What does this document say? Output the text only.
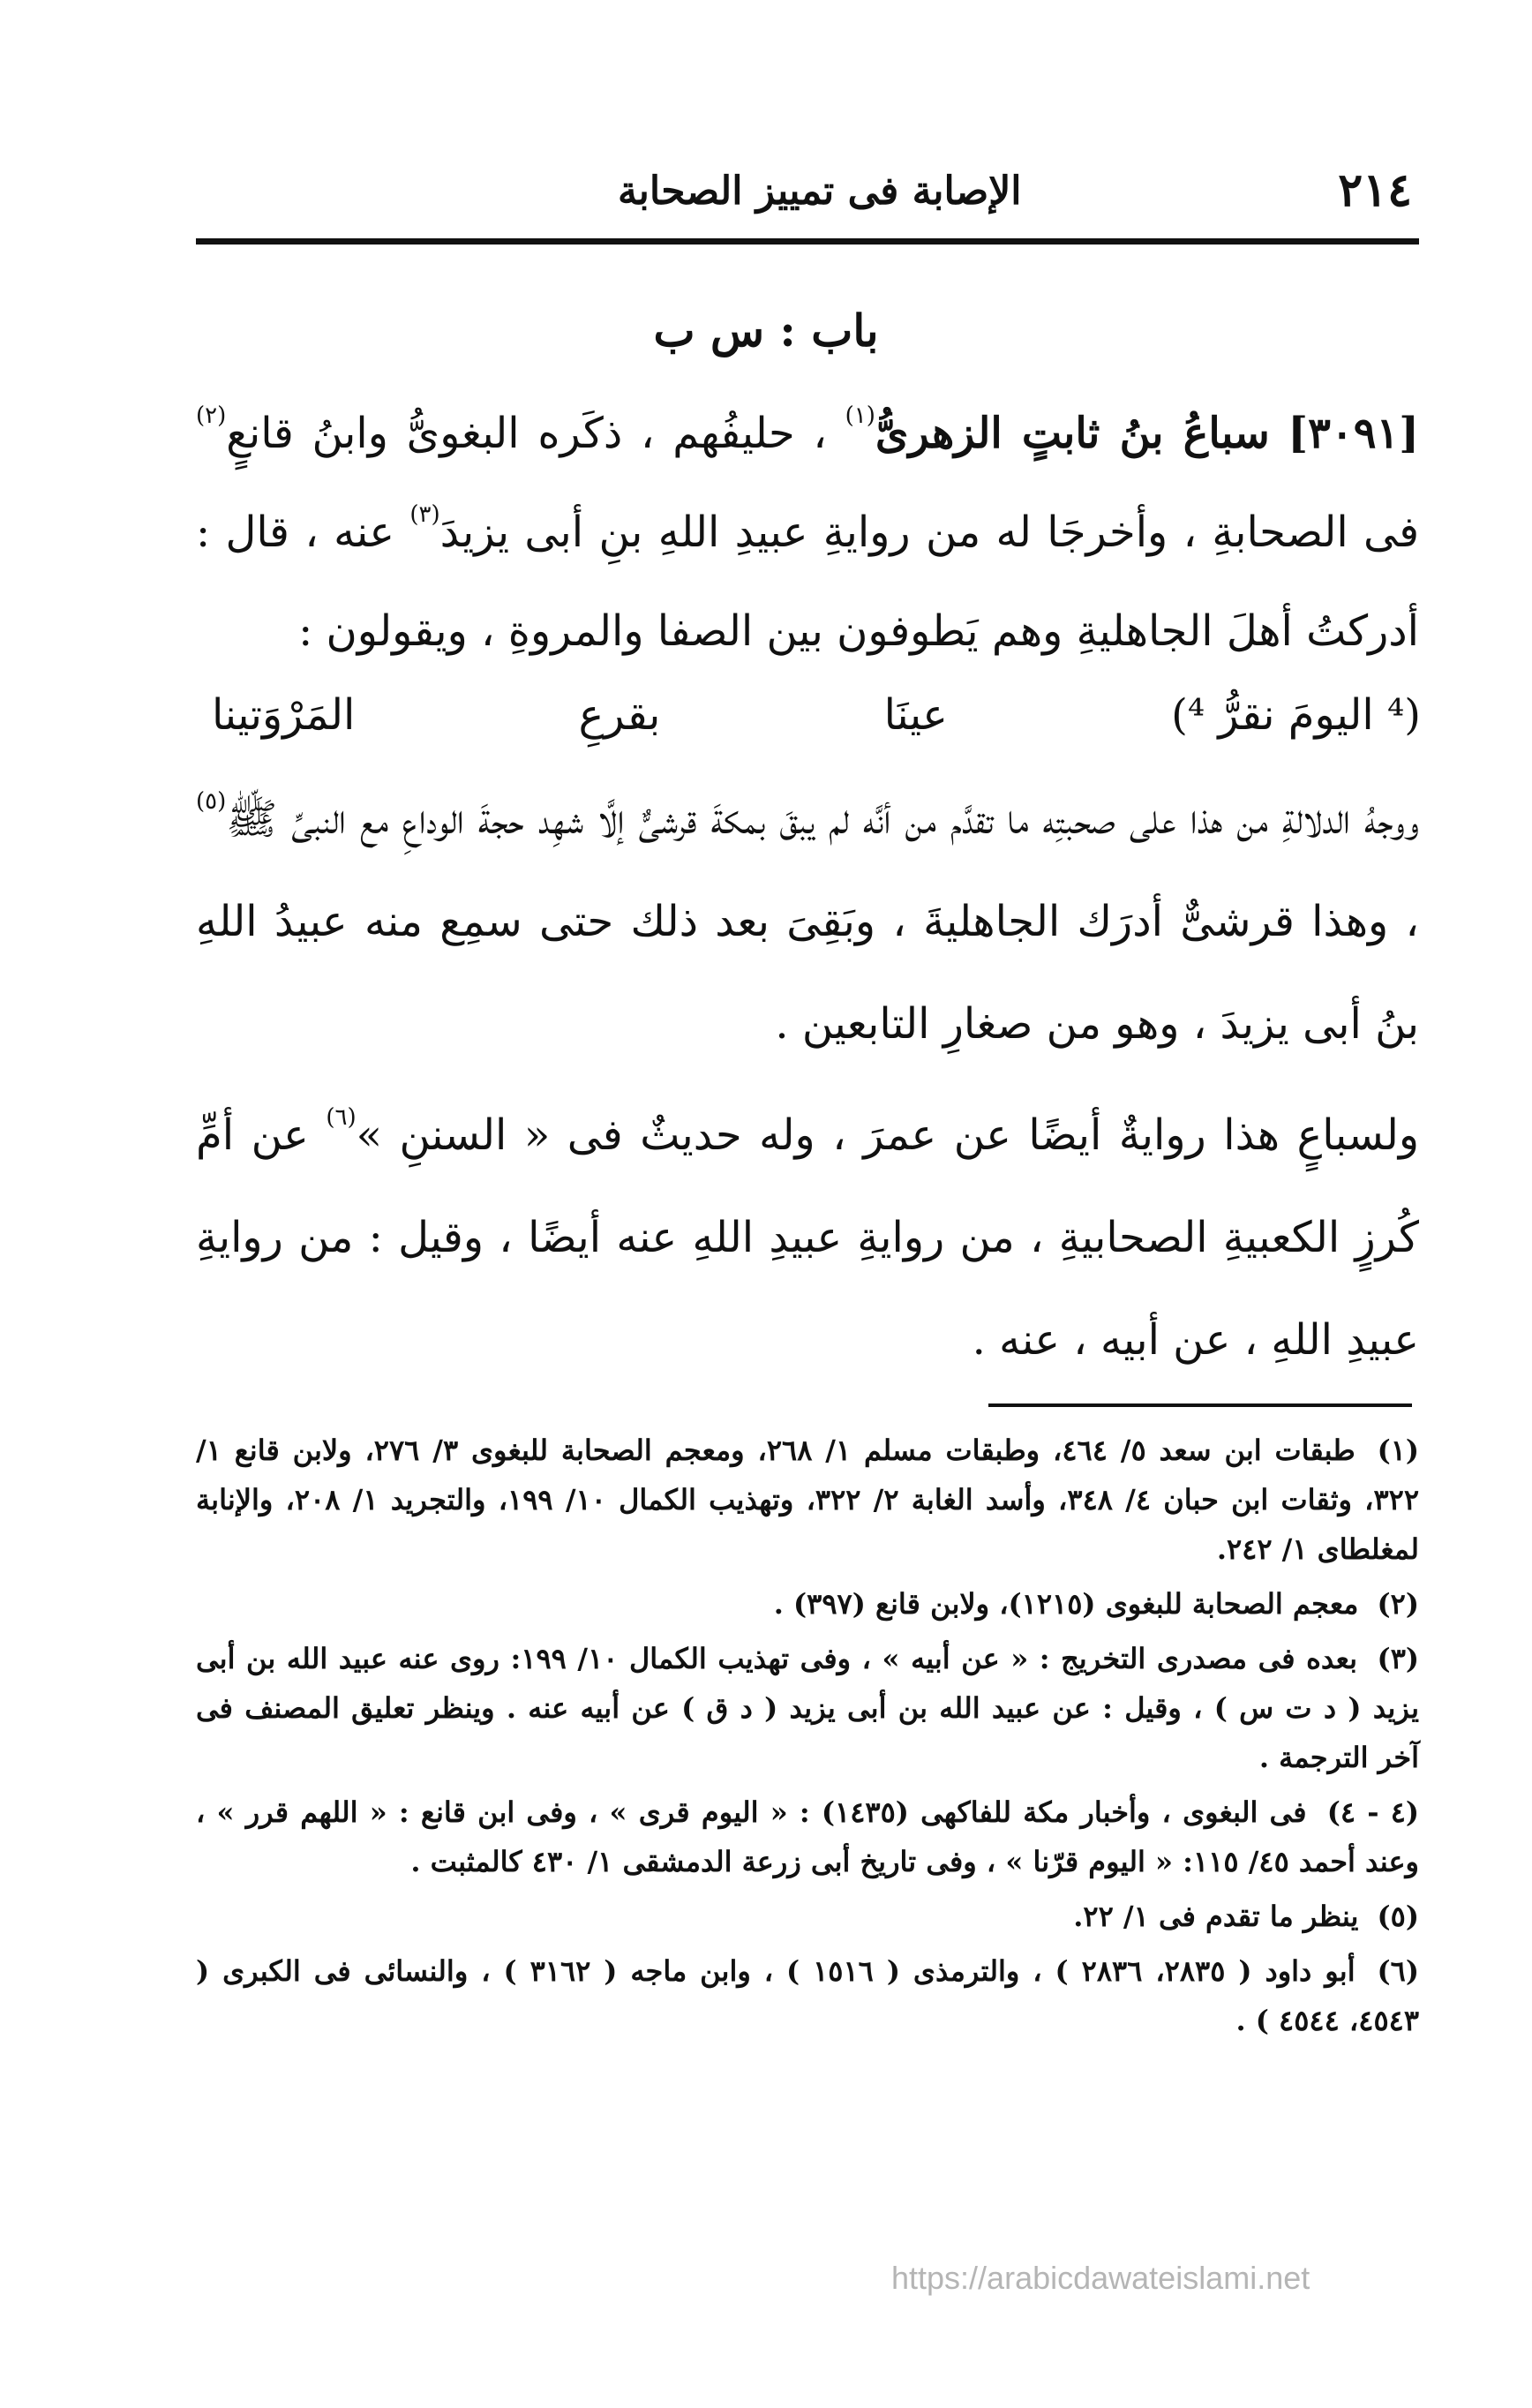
٢١٤
الإصابة فى تمييز الصحابة
باب : س ب

[٣٠٩١] سباعُ بنُ ثابتٍ الزهرىُّ$^{(١)}$ ، حليفُهم ، ذكَره البغوىُّ وابنُ قانعٍ$^{(٢)}$ فى الصحابةِ ، وأخرجَا له من روايةِ عبيدِ اللهِ بنِ أبى يزيدَ$^{(٣)}$ عنه ، قال : أدركتُ أهلَ الجاهليةِ وهم يَطوفون بين الصفا والمروةِ ، ويقولون :

(⁴ اليومَ نقرُّ ⁴)
عينَا
بقرعِ
المَرْوَتينا

ووجهُ الدلالةِ من هذا على صحبتِه ما تقدَّم من أنَّه لم يبقَ بمكةَ قرشىٌّ إلَّا شهِد حجةَ الوداعِ مع النبىِّ ﷺ$^{(٥)}$ ، وهذا قرشىٌّ أدرَك الجاهليةَ ، وبَقِىَ بعد ذلك حتى سمِع منه عبيدُ اللهِ بنُ أبى يزيدَ ، وهو من صغارِ التابعين .

ولسباعٍ هذا روايةٌ أيضًا عن عمرَ ، وله حديثٌ فى « السننِ »$^{(٦)}$ عن أمِّ كُرزٍ الكعبيةِ الصحابيةِ ، من روايةِ عبيدِ اللهِ عنه أيضًا ، وقيل : من روايةِ عبيدِ اللهِ ، عن أبيه ، عنه .

(١) طبقات ابن سعد ٥/ ٤٦٤، وطبقات مسلم ١/ ٢٦٨، ومعجم الصحابة للبغوى ٣/ ٢٧٦، ولابن قانع ١/ ٣٢٢، وثقات ابن حبان ٤/ ٣٤٨، وأسد الغابة ٢/ ٣٢٢، وتهذيب الكمال ١٠/ ١٩٩، والتجريد ١/ ٢٠٨، والإنابة لمغلطاى ١/ ٢٤٢.

(٢) معجم الصحابة للبغوى (١٢١٥)، ولابن قانع (٣٩٧) .

(٣) بعده فى مصدرى التخريج : « عن أبيه » ، وفى تهذيب الكمال ١٠/ ١٩٩: روى عنه عبيد الله بن أبى يزيد ( د ت س ) ، وقيل : عن عبيد الله بن أبى يزيد ( د ق ) عن أبيه عنه . وينظر تعليق المصنف فى آخر الترجمة .

(٤ - ٤) فى البغوى ، وأخبار مكة للفاكهى (١٤٣٥) : « اليوم قرى » ، وفى ابن قانع : « اللهم قرر » ، وعند أحمد ٤٥/ ١١٥: « اليوم قرّنا » ، وفى تاريخ أبى زرعة الدمشقى ١/ ٤٣٠ كالمثبت .

(٥) ينظر ما تقدم فى ١/ ٢٢.

(٦) أبو داود ( ٢٨٣٥، ٢٨٣٦ ) ، والترمذى ( ١٥١٦ ) ، وابن ماجه ( ٣١٦٢ ) ، والنسائى فى الكبرى ( ٤٥٤٣، ٤٥٤٤ ) .

https://arabicdawateislami.net
